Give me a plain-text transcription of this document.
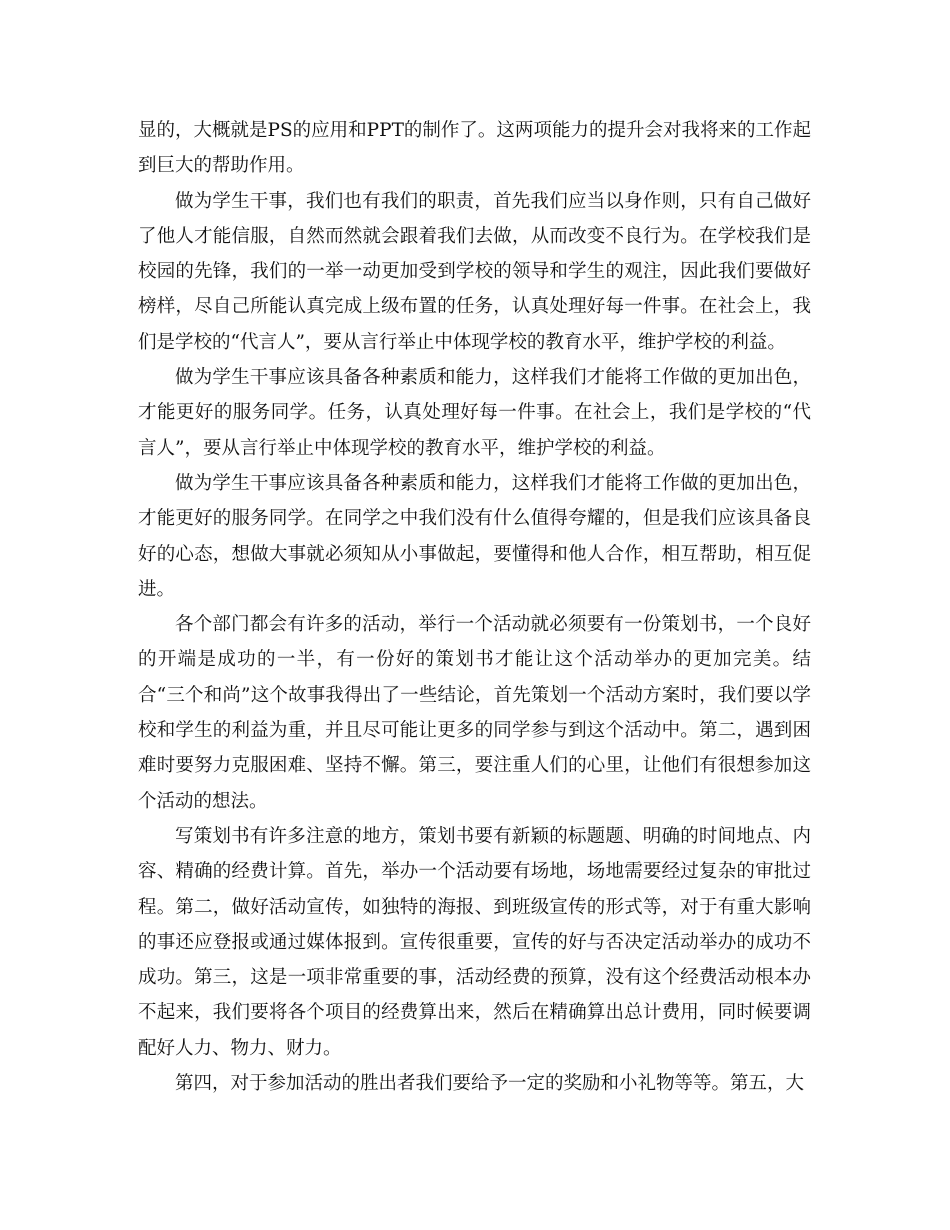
显的，大概就是PS的应用和PPT的制作了。这两项能力的提升会对我将来的工作起到巨大的帮助作用。

做为学生干事，我们也有我们的职责，首先我们应当以身作则，只有自己做好了他人才能信服，自然而然就会跟着我们去做，从而改变不良行为。在学校我们是校园的先锋，我们的一举一动更加受到学校的领导和学生的观注，因此我们要做好榜样，尽自己所能认真完成上级布置的任务，认真处理好每一件事。在社会上，我们是学校的“代言人”，要从言行举止中体现学校的教育水平，维护学校的利益。

做为学生干事应该具备各种素质和能力，这样我们才能将工作做的更加出色，才能更好的服务同学。任务，认真处理好每一件事。在社会上，我们是学校的“代言人”，要从言行举止中体现学校的教育水平，维护学校的利益。

做为学生干事应该具备各种素质和能力，这样我们才能将工作做的更加出色，才能更好的服务同学。在同学之中我们没有什么值得夸耀的，但是我们应该具备良好的心态，想做大事就必须知从小事做起，要懂得和他人合作，相互帮助，相互促进。

各个部门都会有许多的活动，举行一个活动就必须要有一份策划书，一个良好的开端是成功的一半，有一份好的策划书才能让这个活动举办的更加完美。结合“三个和尚”这个故事我得出了一些结论，首先策划一个活动方案时，我们要以学校和学生的利益为重，并且尽可能让更多的同学参与到这个活动中。第二，遇到困难时要努力克服困难、坚持不懈。第三，要注重人们的心里，让他们有很想参加这个活动的想法。

写策划书有许多注意的地方，策划书要有新颖的标题题、明确的时间地点、内容、精确的经费计算。首先，举办一个活动要有场地，场地需要经过复杂的审批过程。第二，做好活动宣传，如独特的海报、到班级宣传的形式等，对于有重大影响的事还应登报或通过媒体报到。宣传很重要，宣传的好与否决定活动举办的成功不成功。第三，这是一项非常重要的事，活动经费的预算，没有这个经费活动根本办不起来，我们要将各个项目的经费算出来，然后在精确算出总计费用，同时候要调配好人力、物力、财力。

第四，对于参加活动的胜出者我们要给予一定的奖励和小礼物等等。第五，大
